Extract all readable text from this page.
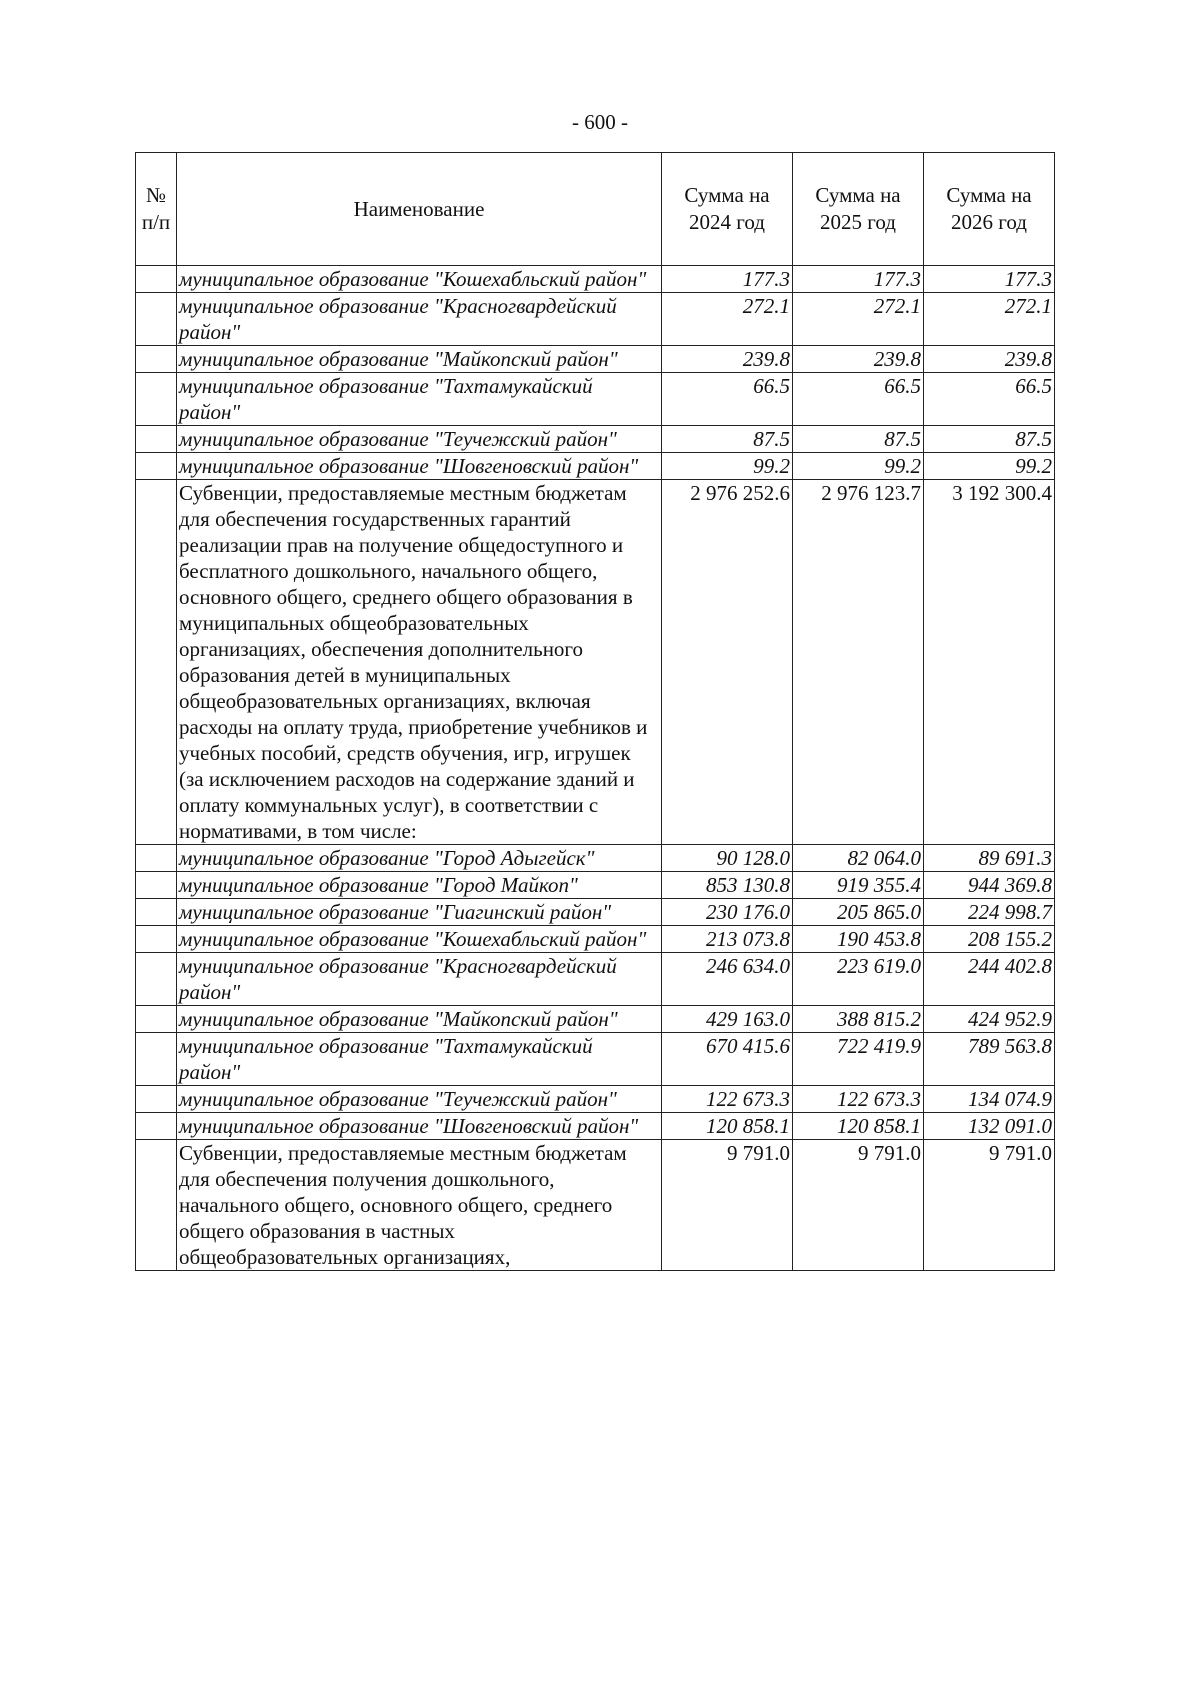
- 600 -
№ п/п	Наименование	Сумма на 2024 год	Сумма на 2025 год	Сумма на 2026 год
	муниципальное образование "Кошехабльский район"	177.3	177.3	177.3
	муниципальное образование "Красногвардейский район"	272.1	272.1	272.1
	муниципальное образование "Майкопский район"	239.8	239.8	239.8
	муниципальное образование "Тахтамукайский район"	66.5	66.5	66.5
	муниципальное образование "Теучежский район"	87.5	87.5	87.5
	муниципальное образование "Шовгеновский район"	99.2	99.2	99.2
	Субвенции, предоставляемые местным бюджетам для обеспечения государственных гарантий реализации прав на получение общедоступного и бесплатного дошкольного, начального общего, основного общего, среднего общего образования в муниципальных общеобразовательных организациях, обеспечения дополнительного образования детей в муниципальных общеобразовательных организациях, включая расходы на оплату труда, приобретение учебников и учебных пособий, средств обучения, игр, игрушек (за исключением расходов на содержание зданий и оплату коммунальных услуг), в соответствии с нормативами, в том числе:	2 976 252.6	2 976 123.7	3 192 300.4
	муниципальное образование "Город Адыгейск"	90 128.0	82 064.0	89 691.3
	муниципальное образование "Город Майкоп"	853 130.8	919 355.4	944 369.8
	муниципальное образование "Гиагинский район"	230 176.0	205 865.0	224 998.7
	муниципальное образование "Кошехабльский район"	213 073.8	190 453.8	208 155.2
	муниципальное образование "Красногвардейский район"	246 634.0	223 619.0	244 402.8
	муниципальное образование "Майкопский район"	429 163.0	388 815.2	424 952.9
	муниципальное образование "Тахтамукайский район"	670 415.6	722 419.9	789 563.8
	муниципальное образование "Теучежский район"	122 673.3	122 673.3	134 074.9
	муниципальное образование "Шовгеновский район"	120 858.1	120 858.1	132 091.0
	Субвенции, предоставляемые местным бюджетам для обеспечения получения дошкольного, начального общего, основного общего, среднего общего образования в частных общеобразовательных организациях,	9 791.0	9 791.0	9 791.0
